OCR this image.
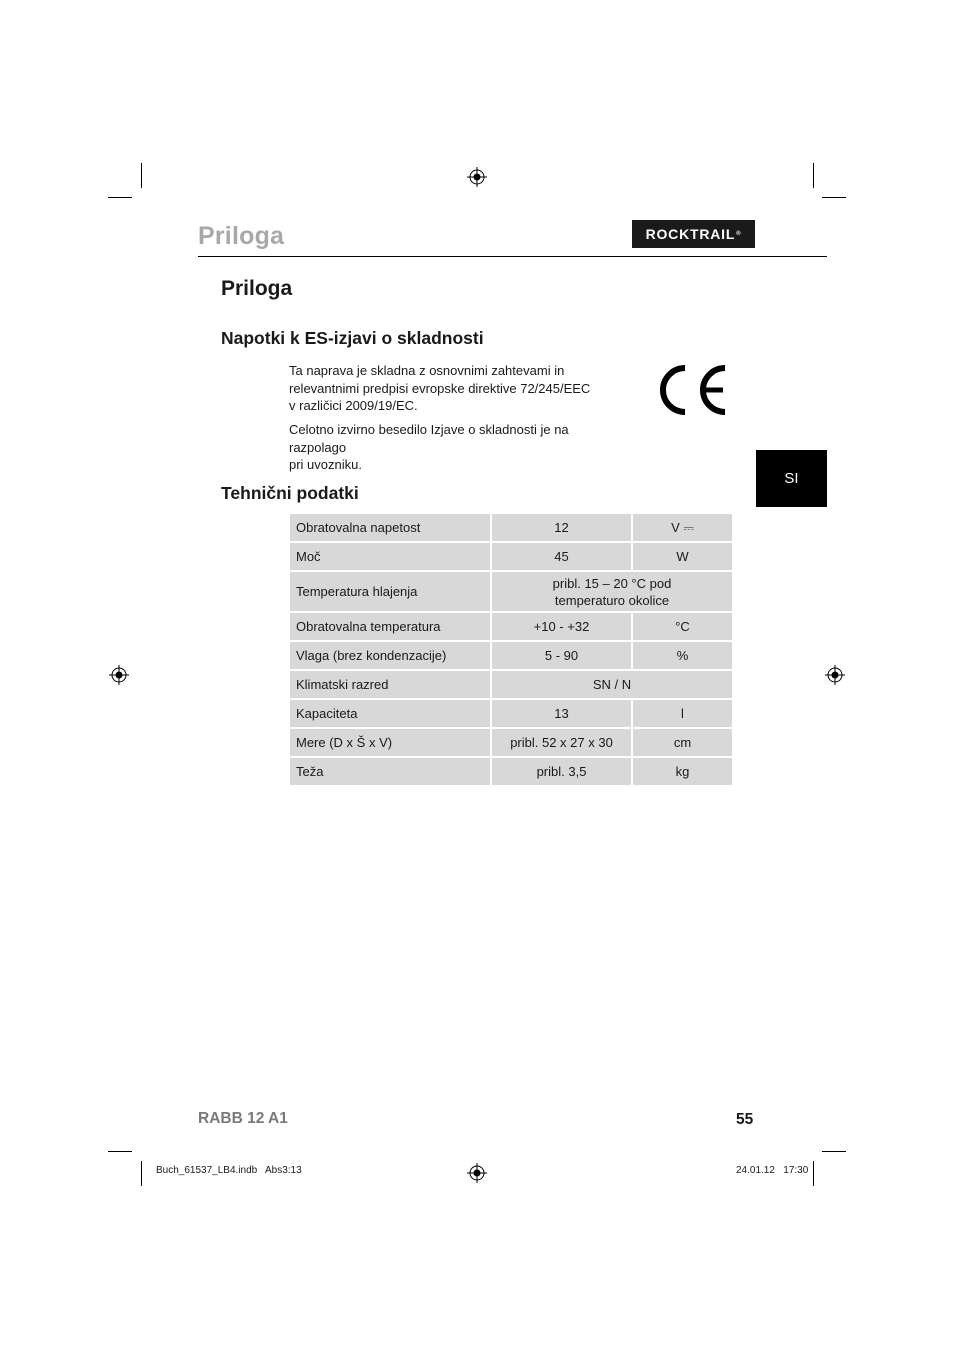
Priloga	ROCKTRAIL ®
Priloga
Napotki k ES-izjavi o skladnosti
Ta naprava je skladna z osnovnimi zahtevami in
relevantnimi predpisi evropske direktive 72/245/EEC
v različici 2009/19/EC.
Celotno izvirno besedilo Izjave o skladnosti je na razpolago
pri uvozniku.
SI
Tehnični podatki
Obratovalna napetost	12	V ⎓
Moč	45	W
Temperatura hlajenja	pribl. 15 – 20 °C pod
temperaturo okolice	

Obratovalna temperatura	+10 - +32	°C
Vlaga (brez kondenzacije)	5 - 90	%
Klimatski razred	SN / N	
Kapaciteta	13	l
Mere (D x Š x V)	pribl. 52 x 27 x 30	cm
Teža	pribl. 3,5	kg
RABB 12 A1	55
Buch_61537_LB4.indb   Abs3:13	24.01.12   17:30
